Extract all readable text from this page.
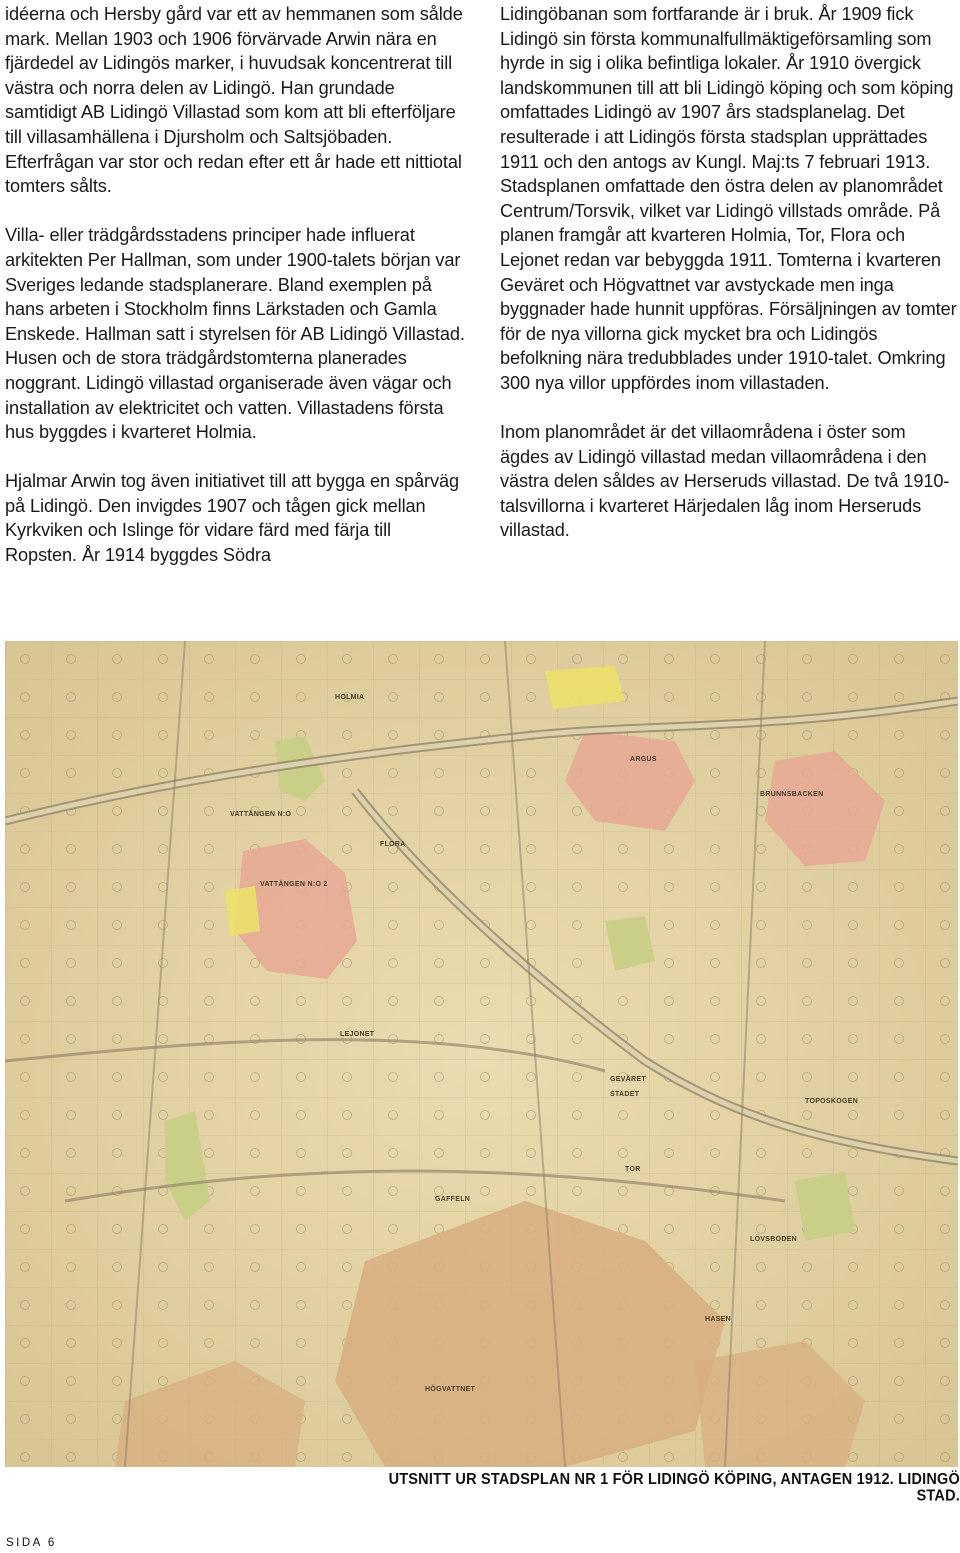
idéerna och Hersby gård var ett av hemmanen som sålde mark. Mellan 1903 och 1906 förvärvade Arwin nära en fjärdedel av Lidingös marker, i huvudsak koncentrerat till västra och norra delen av Lidingö. Han grundade samtidigt AB Lidingö Villastad som kom att bli efterföljare till villasamhällena i Djursholm och Saltsjöbaden. Efterfrågan var stor och redan efter ett år hade ett nittiotal tomters sålts.

Villa- eller trädgårdsstadens principer hade influerat arkitekten Per Hallman, som under 1900-talets början var Sveriges ledande stadsplanerare. Bland exemplen på hans arbeten i Stockholm finns Lärkstaden och Gamla Enskede. Hallman satt i styrelsen för AB Lidingö Villastad. Husen och de stora trädgårdstomterna planerades noggrant. Lidingö villastad organiserade även vägar och installation av elektricitet och vatten. Villastadens första hus byggdes i kvarteret Holmia.

Hjalmar Arwin tog även initiativet till att bygga en spårväg på Lidingö. Den invigdes 1907 och tågen gick mellan Kyrkviken och Islinge för vidare färd med färja till Ropsten. År 1914 byggdes Södra

Lidingöbanan som fortfarande är i bruk. År 1909 fick Lidingö sin första kommunalfullmäktigeförsamling som hyrde in sig i olika befintliga lokaler. År 1910 övergick landskommunen till att bli Lidingö köping och som köping omfattades Lidingö av 1907 års stadsplanelag. Det resulterade i att Lidingös första stadsplan upprättades 1911 och den antogs av Kungl. Maj:ts 7 februari 1913. Stadsplanen omfattade den östra delen av planområdet Centrum/Torsvik, vilket var Lidingö villstads område. På planen framgår att kvarteren Holmia, Tor, Flora och Lejonet redan var bebyggda 1911. Tomterna i kvarteren Geväret och Högvattnet var avstyckade men inga byggnader hade hunnit uppföras. Försäljningen av tomter för de nya villorna gick mycket bra och Lidingös befolkning nära tredubblades under 1910-talet. Omkring 300 nya villor uppfördes inom villastaden.

Inom planområdet är det villaområdena i öster som ägdes av Lidingö villastad medan villaområdena i den västra delen såldes av Herseruds villastad. De två 1910-talsvillorna i kvarteret Härjedalen låg inom Herseruds villastad.

HOLMIA
VATTÄNGEN N:O
VATTÄNGEN N:O 2
FLORA
LEJONET
TOR
BRUNNSBACKEN
ARGUS
GEVÄRET
HÖGVATTNET
LÖVSBODEN
HASEN
STADET
TOPOSKOGEN
GAFFELN
UTSNITT UR STADSPLAN NR 1 FÖR LIDINGÖ KÖPING, ANTAGEN 1912. LIDINGÖ STAD.
SIDA 6
